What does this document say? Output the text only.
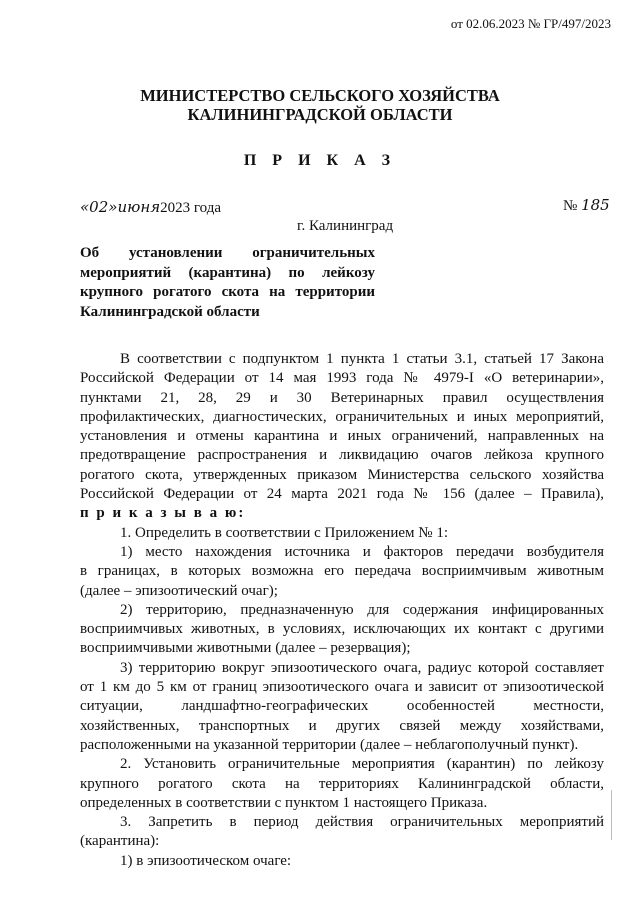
от 02.06.2023 № ГР/497/2023
МИНИСТЕРСТВО СЕЛЬСКОГО ХОЗЯЙСТВА
КАЛИНИНГРАДСКОЙ ОБЛАСТИ
П Р И К А З
«02»июня2023 года	№ 185
г. Калининград
Об установлении ограничительных
мероприятий (карантина) по лейкозу
крупного рогатого скота на территории
Калининградской области
В соответствии с подпунктом 1 пункта 1 статьи 3.1, статьей 17 Закона
Российской Федерации от 14 мая 1993 года № 4979-I «О ветеринарии»,
пунктами 21, 28, 29 и 30 Ветеринарных правил осуществления
профилактических, диагностических, ограничительных и иных мероприятий,
установления и отмены карантина и иных ограничений, направленных на
предотвращение распространения и ликвидацию очагов лейкоза крупного
рогатого скота, утвержденных приказом Министерства сельского хозяйства
Российской Федерации от 24 марта 2021 года № 156 (далее – Правила),
п р и к а з ы в а ю:
1. Определить в соответствии с Приложением № 1:
1) место нахождения источника и факторов передачи возбудителя
в границах, в которых возможна его передача восприимчивым животным
(далее – эпизоотический очаг);
2) территорию, предназначенную для содержания инфицированных
восприимчивых животных, в условиях, исключающих их контакт с другими
восприимчивыми животными (далее – резервация);
3) территорию вокруг эпизоотического очага, радиус которой составляет
от 1 км до 5 км от границ эпизоотического очага и зависит от эпизоотической
ситуации, ландшафтно-географических особенностей местности,
хозяйственных, транспортных и других связей между хозяйствами,
расположенными на указанной территории (далее – неблагополучный пункт).
2. Установить ограничительные мероприятия (карантин) по лейкозу
крупного рогатого скота на территориях Калининградской области,
определенных в соответствии с пунктом 1 настоящего Приказа.
3. Запретить в период действия ограничительных мероприятий
(карантина):
1) в эпизоотическом очаге:
